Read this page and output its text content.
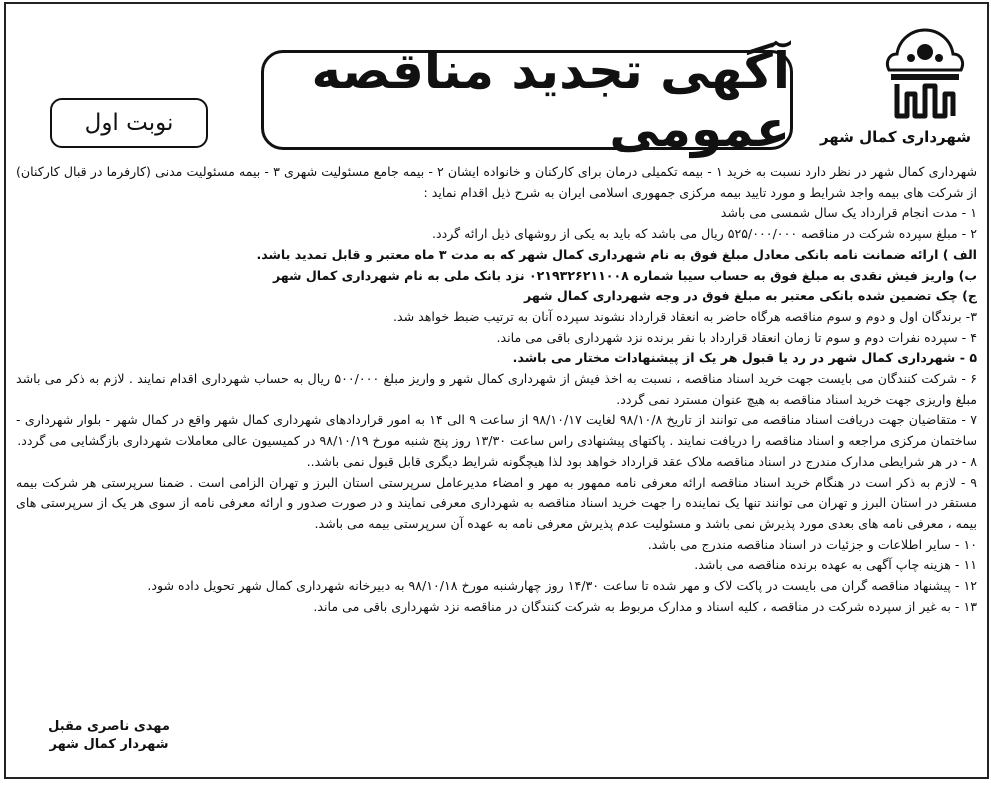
شهرداری کمال شهر
آگهی تجدید مناقصه عمومی
نوبت اول

شهرداری کمال شهر در نظر دارد نسبت به خرید ۱ - بیمه تکمیلی درمان برای کارکنان و خانواده ایشان ۲ - بیمه جامع مسئولیت شهری ۳ - بیمه مسئولیت مدنی (کارفرما در قبال کارکنان) از شرکت های بیمه واجد شرایط و مورد تایید بیمه مرکزی جمهوری اسلامی ایران به شرح ذیل اقدام نماید :

۱ - مدت انجام قرارداد یک سال شمسی می باشد

۲ - مبلغ سپرده شرکت در مناقصه ۵۲۵/۰۰۰/۰۰۰ ریال می باشد که باید به یکی از روشهای ذیل ارائه گردد.

الف ) ارائه ضمانت نامه بانکی معادل مبلغ فوق به نام شهرداری کمال شهر که به مدت ۳ ماه معتبر و قابل تمدید باشد.

ب) واریز فیش نقدی به مبلغ فوق به حساب سیبا شماره ۰۲۱۹۳۲۶۲۱۱۰۰۸ نزد بانک ملی به نام شهرداری کمال شهر

ج) چک تضمین شده بانکی معتبر به مبلغ فوق در وجه شهرداری کمال شهر

۳- برندگان اول و دوم و سوم مناقصه هرگاه حاضر به انعقاد قرارداد نشوند سپرده آنان به ترتیب ضبط خواهد شد.

۴ - سپرده نفرات دوم و سوم تا زمان انعقاد قرارداد با نفر برنده نزد شهرداری باقی می ماند.

۵ - شهرداری کمال شهر در رد یا قبول هر یک از پیشنهادات مختار می باشد.

۶ - شرکت کنندگان می بایست جهت خرید اسناد مناقصه ، نسبت به اخذ فیش از شهرداری کمال شهر و واریز مبلغ ۵۰۰/۰۰۰ ریال به حساب شهرداری اقدام نمایند . لازم به ذکر می باشد مبلغ واریزی جهت خرید اسناد مناقصه به هیچ عنوان مسترد نمی گردد.

۷ - متقاضیان جهت دریافت اسناد مناقصه می توانند از تاریخ ۹۸/۱۰/۸ لغایت ۹۸/۱۰/۱۷ از ساعت ۹ الی ۱۴ به امور قراردادهای شهرداری کمال شهر واقع در کمال شهر - بلوار شهرداری - ساختمان مرکزی مراجعه و اسناد مناقصه را دریافت نمایند . پاکتهای پیشنهادی راس ساعت ۱۳/۳۰ روز پنج شنبه مورخ ۹۸/۱۰/۱۹ در کمیسیون عالی معاملات شهرداری بازگشایی می گردد.

۸ - در هر شرایطی مدارک مندرج در اسناد مناقصه ملاک عقد قرارداد خواهد بود لذا هیچگونه شرایط دیگری قابل قبول نمی باشد..

۹ - لازم به ذکر است در هنگام خرید اسناد مناقصه ارائه معرفی نامه ممهور به مهر و امضاء مدیرعامل سرپرستی استان البرز و تهران الزامی است . ضمنا سرپرستی هر شرکت بیمه مستقر در استان البرز و تهران می توانند تنها یک نماینده را جهت خرید اسناد مناقصه به شهرداری معرفی نمایند و در صورت صدور و ارائه معرفی نامه از سوی هر یک از سرپرستی های بیمه ، معرفی نامه های بعدی مورد پذیرش نمی باشد و مسئولیت عدم پذیرش معرفی نامه به عهده آن سرپرستی بیمه می باشد.

۱۰ - سایر اطلاعات و جزئیات در اسناد مناقصه مندرج می باشد.

۱۱ - هزینه چاپ آگهی به عهده برنده مناقصه می باشد.

۱۲ - پیشنهاد مناقصه گران می بایست در پاکت لاک و مهر شده تا ساعت ۱۴/۳۰ روز چهارشنبه مورخ ۹۸/۱۰/۱۸ به دبیرخانه شهرداری کمال شهر تحویل داده شود.

۱۳ - به غیر از سپرده شرکت در مناقصه ، کلیه اسناد و مدارک مربوط به شرکت کنندگان در مناقصه نزد شهرداری باقی می ماند.

مهدی ناصری مقبل
شهردار کمال شهر
